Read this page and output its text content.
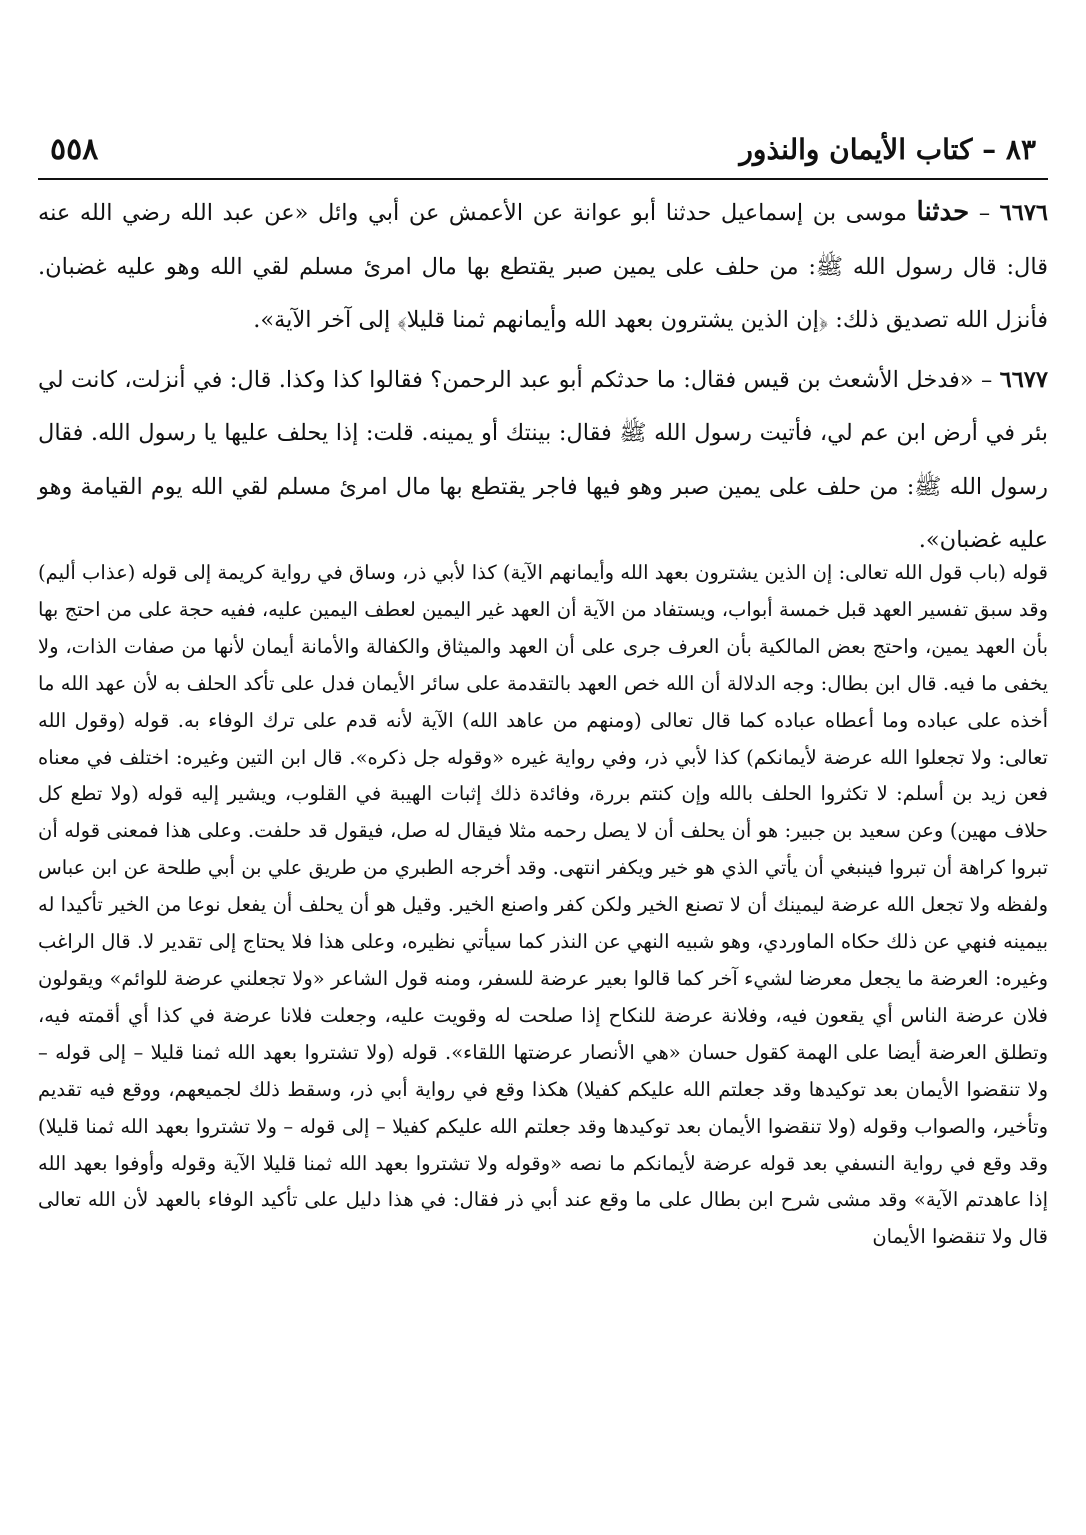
٨٣ – كتاب الأيمان والنذور
٥٥٨

٦٦٧٦ – حدثنا موسى بن إسماعيل حدثنا أبو عوانة عن الأعمش عن أبي وائل «عن عبد الله رضي الله عنه قال: قال رسول الله ﷺ: من حلف على يمين صبر يقتطع بها مال امرئ مسلم لقي الله وهو عليه غضبان. فأنزل الله تصديق ذلك: ﴿إن الذين يشترون بعهد الله وأيمانهم ثمنا قليلا﴾ إلى آخر الآية».

٦٦٧٧ – «فدخل الأشعث بن قيس فقال: ما حدثكم أبو عبد الرحمن؟ فقالوا كذا وكذا. قال: في أنزلت، كانت لي بئر في أرض ابن عم لي، فأتيت رسول الله ﷺ فقال: بينتك أو يمينه. قلت: إذا يحلف عليها يا رسول الله. فقال رسول الله ﷺ: من حلف على يمين صبر وهو فيها فاجر يقتطع بها مال امرئ مسلم لقي الله يوم القيامة وهو عليه غضبان».

قوله (باب قول الله تعالى: إن الذين يشترون بعهد الله وأيمانهم الآية) كذا لأبي ذر، وساق في رواية كريمة إلى قوله (عذاب أليم) وقد سبق تفسير العهد قبل خمسة أبواب، ويستفاد من الآية أن العهد غير اليمين لعطف اليمين عليه، ففيه حجة على من احتج بها بأن العهد يمين، واحتج بعض المالكية بأن العرف جرى على أن العهد والميثاق والكفالة والأمانة أيمان لأنها من صفات الذات، ولا يخفى ما فيه. قال ابن بطال: وجه الدلالة أن الله خص العهد بالتقدمة على سائر الأيمان فدل على تأكد الحلف به لأن عهد الله ما أخذه على عباده وما أعطاه عباده كما قال تعالى (ومنهم من عاهد الله) الآية لأنه قدم على ترك الوفاء به. قوله (وقول الله تعالى: ولا تجعلوا الله عرضة لأيمانكم) كذا لأبي ذر، وفي رواية غيره «وقوله جل ذكره». قال ابن التين وغيره: اختلف في معناه فعن زيد بن أسلم: لا تكثروا الحلف بالله وإن كنتم بررة، وفائدة ذلك إثبات الهيبة في القلوب، ويشير إليه قوله (ولا تطع كل حلاف مهين) وعن سعيد بن جبير: هو أن يحلف أن لا يصل رحمه مثلا فيقال له صل، فيقول قد حلفت. وعلى هذا فمعنى قوله أن تبروا كراهة أن تبروا فينبغي أن يأتي الذي هو خير ويكفر انتهى. وقد أخرجه الطبري من طريق علي بن أبي طلحة عن ابن عباس ولفظه ولا تجعل الله عرضة ليمينك أن لا تصنع الخير ولكن كفر واصنع الخير. وقيل هو أن يحلف أن يفعل نوعا من الخير تأكيدا له بيمينه فنهي عن ذلك حكاه الماوردي، وهو شبيه النهي عن النذر كما سيأتي نظيره، وعلى هذا فلا يحتاج إلى تقدير لا. قال الراغب وغيره: العرضة ما يجعل معرضا لشيء آخر كما قالوا بعير عرضة للسفر، ومنه قول الشاعر «ولا تجعلني عرضة للوائم» ويقولون فلان عرضة الناس أي يقعون فيه، وفلانة عرضة للنكاح إذا صلحت له وقويت عليه، وجعلت فلانا عرضة في كذا أي أقمته فيه، وتطلق العرضة أيضا على الهمة كقول حسان «هي الأنصار عرضتها اللقاء». قوله (ولا تشتروا بعهد الله ثمنا قليلا – إلى قوله – ولا تنقضوا الأيمان بعد توكيدها وقد جعلتم الله عليكم كفيلا) هكذا وقع في رواية أبي ذر، وسقط ذلك لجميعهم، ووقع فيه تقديم وتأخير، والصواب وقوله (ولا تنقضوا الأيمان بعد توكيدها وقد جعلتم الله عليكم كفيلا – إلى قوله – ولا تشتروا بعهد الله ثمنا قليلا) وقد وقع في رواية النسفي بعد قوله عرضة لأيمانكم ما نصه «وقوله ولا تشتروا بعهد الله ثمنا قليلا الآية وقوله وأوفوا بعهد الله إذا عاهدتم الآية» وقد مشى شرح ابن بطال على ما وقع عند أبي ذر فقال: في هذا دليل على تأكيد الوفاء بالعهد لأن الله تعالى قال ولا تنقضوا الأيمان
